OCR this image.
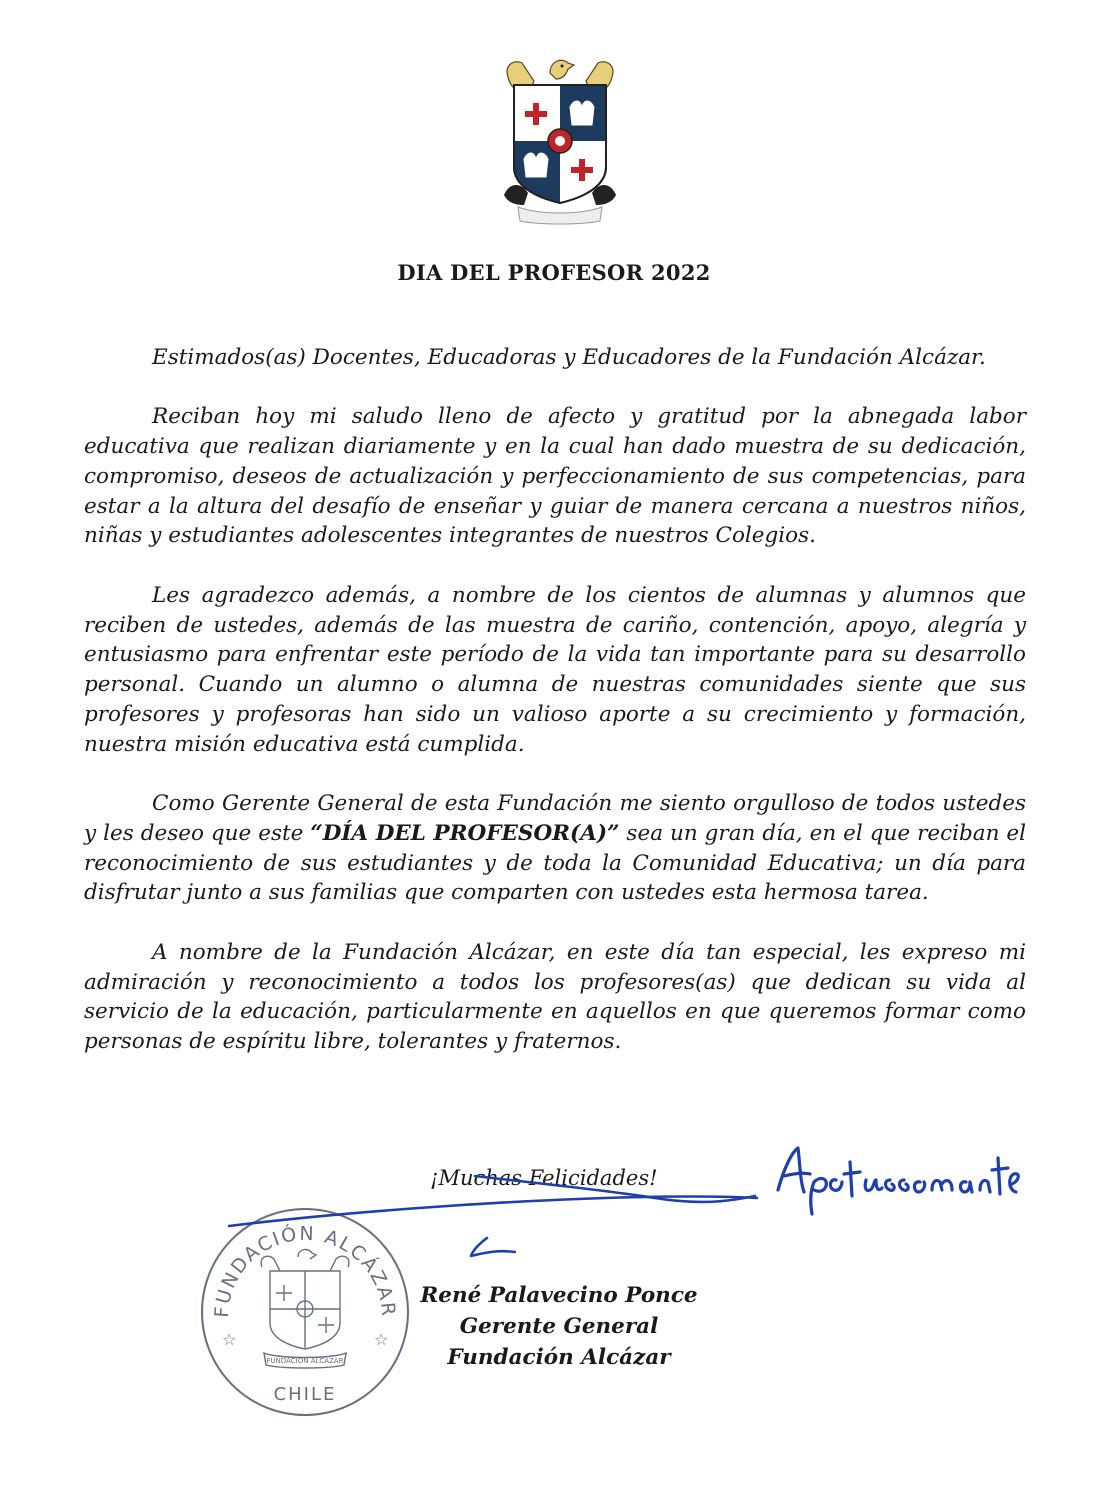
DIA DEL PROFESOR 2022

Estimados(as) Docentes, Educadoras y Educadores de la Fundación Alcázar.

Reciban hoy mi saludo lleno de afecto y gratitud por la abnegada labor educativa que realizan diariamente y en la cual han dado muestra de su dedicación, compromiso, deseos de actualización y perfeccionamiento de sus competencias, para estar a la altura del desafío de enseñar y guiar de manera cercana a nuestros niños, niñas y estudiantes adolescentes integrantes de nuestros Colegios.

Les agradezco además, a nombre de los cientos de alumnas y alumnos que reciben de ustedes, además de las muestra de cariño, contención, apoyo, alegría y entusiasmo para enfrentar este período de la vida tan importante para su desarrollo personal. Cuando un alumno o alumna de nuestras comunidades siente que sus profesores y profesoras han sido un valioso aporte a su crecimiento y formación, nuestra misión educativa está cumplida.

Como Gerente General de esta Fundación me siento orgulloso de todos ustedes y les deseo que este “DÍA DEL PROFESOR(A)” sea un gran día, en el que reciban el reconocimiento de sus estudiantes y de toda la Comunidad Educativa; un día para disfrutar junto a sus familias que comparten con ustedes esta hermosa tarea.

A nombre de la Fundación Alcázar, en este día tan especial, les expreso mi admiración y reconocimiento a todos los profesores(as) que dedican su vida al servicio de la educación, particularmente en aquellos en que queremos formar como personas de espíritu libre, tolerantes y fraternos.

¡Muchas Felicidades!
FUNDACIÓN ALCÁZAR
CHILE
☆	☆
FUNDACION ALCAZAR
René Palavecino Ponce
Gerente General
Fundación Alcázar
